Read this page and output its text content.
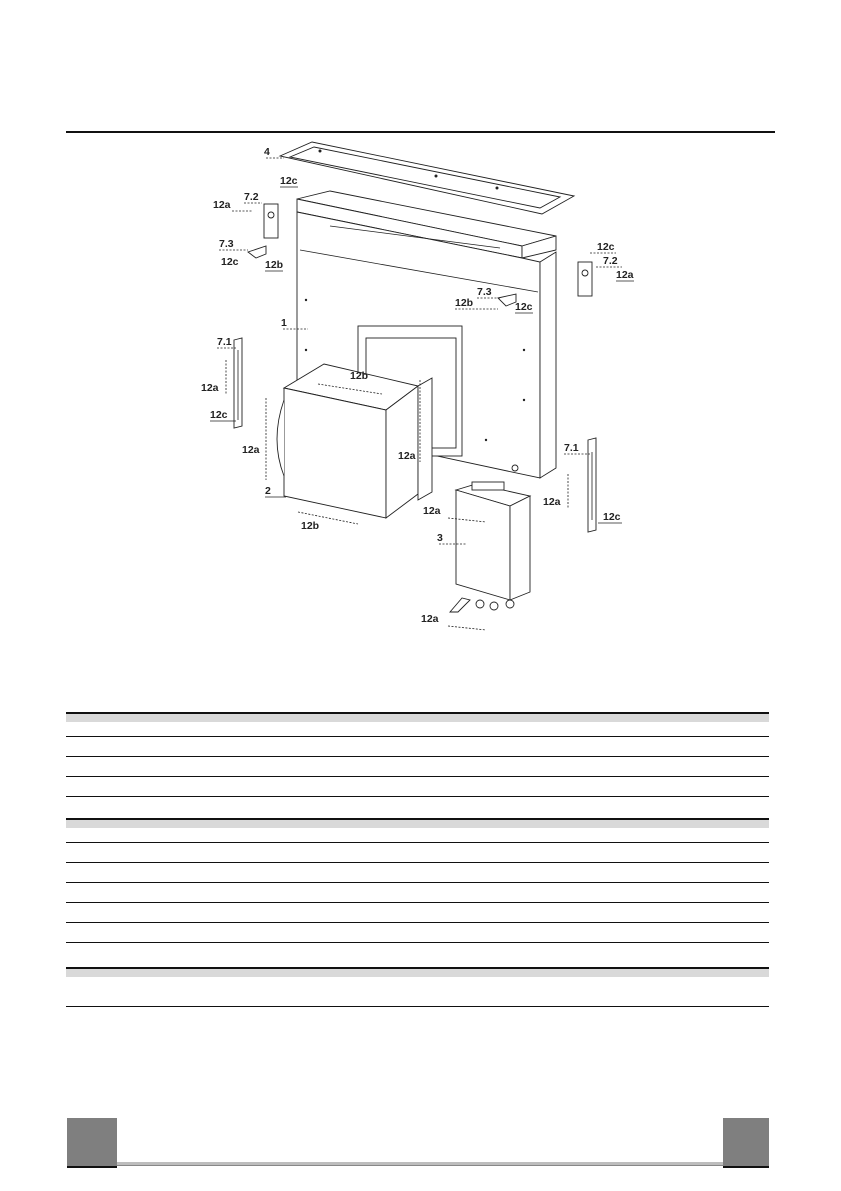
4
12c
7.2
12a
7.3
12c	12b
12c
7.2
12a
7.3
12b	12c
1
7.1
12a
12c
12b
12a	12a
2
12b
7.1
12a
12c
12a
3
12a
